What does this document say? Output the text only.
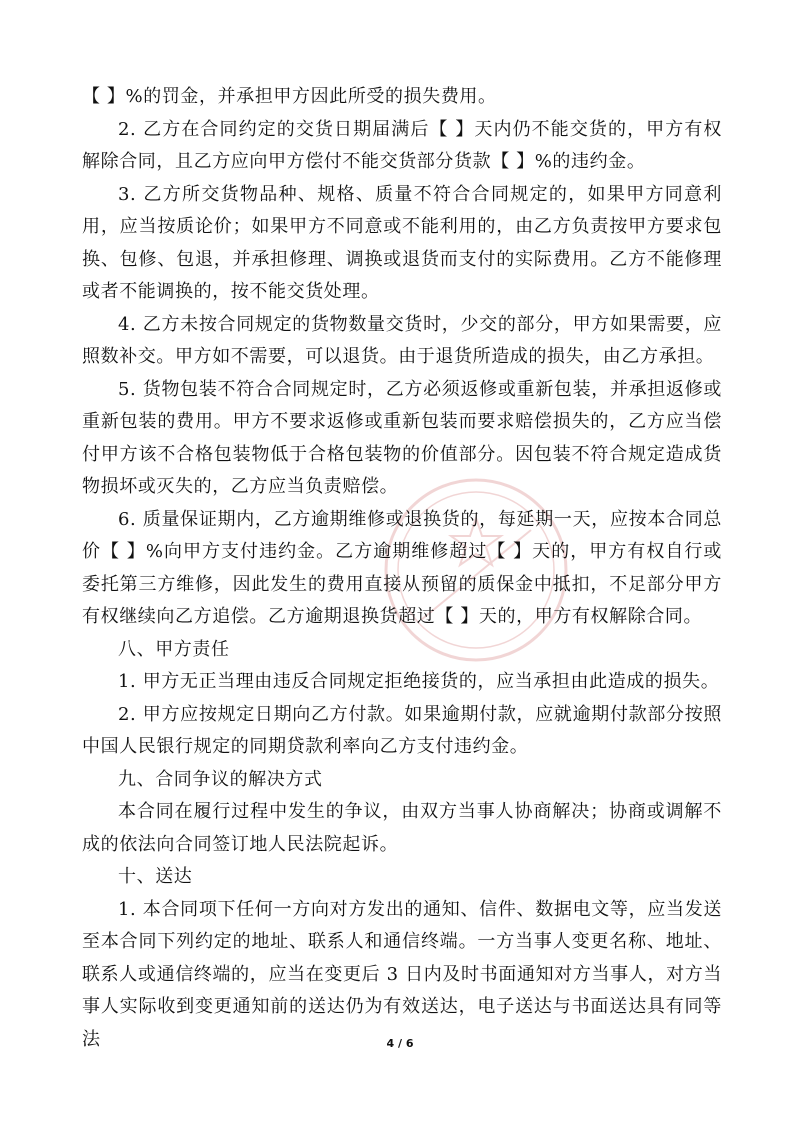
【 】%的罚金，并承担甲方因此所受的损失费用。

2. 乙方在合同约定的交货日期届满后【 】天内仍不能交货的，甲方有权解除合同，且乙方应向甲方偿付不能交货部分货款【 】%的违约金。

3. 乙方所交货物品种、规格、质量不符合合同规定的，如果甲方同意利用，应当按质论价；如果甲方不同意或不能利用的，由乙方负责按甲方要求包换、包修、包退，并承担修理、调换或退货而支付的实际费用。乙方不能修理或者不能调换的，按不能交货处理。

4. 乙方未按合同规定的货物数量交货时，少交的部分，甲方如果需要，应照数补交。甲方如不需要，可以退货。由于退货所造成的损失，由乙方承担。

5. 货物包装不符合合同规定时，乙方必须返修或重新包装，并承担返修或重新包装的费用。甲方不要求返修或重新包装而要求赔偿损失的，乙方应当偿付甲方该不合格包装物低于合格包装物的价值部分。因包装不符合规定造成货物损坏或灭失的，乙方应当负责赔偿。

6. 质量保证期内，乙方逾期维修或退换货的，每延期一天，应按本合同总价【 】%向甲方支付违约金。乙方逾期维修超过【 】天的，甲方有权自行或委托第三方维修，因此发生的费用直接从预留的质保金中抵扣，不足部分甲方有权继续向乙方追偿。乙方逾期退换货超过【 】天的，甲方有权解除合同。

八、甲方责任

1. 甲方无正当理由违反合同规定拒绝接货的，应当承担由此造成的损失。

2. 甲方应按规定日期向乙方付款。如果逾期付款，应就逾期付款部分按照中国人民银行规定的同期贷款利率向乙方支付违约金。

九、合同争议的解决方式

本合同在履行过程中发生的争议，由双方当事人协商解决；协商或调解不成的依法向合同签订地人民法院起诉。

十、送达

1. 本合同项下任何一方向对方发出的通知、信件、数据电文等，应当发送至本合同下列约定的地址、联系人和通信终端。一方当事人变更名称、地址、联系人或通信终端的，应当在变更后 3 日内及时书面通知对方当事人，对方当事人实际收到变更通知前的送达仍为有效送达，电子送达与书面送达具有同等法	4 / 6
